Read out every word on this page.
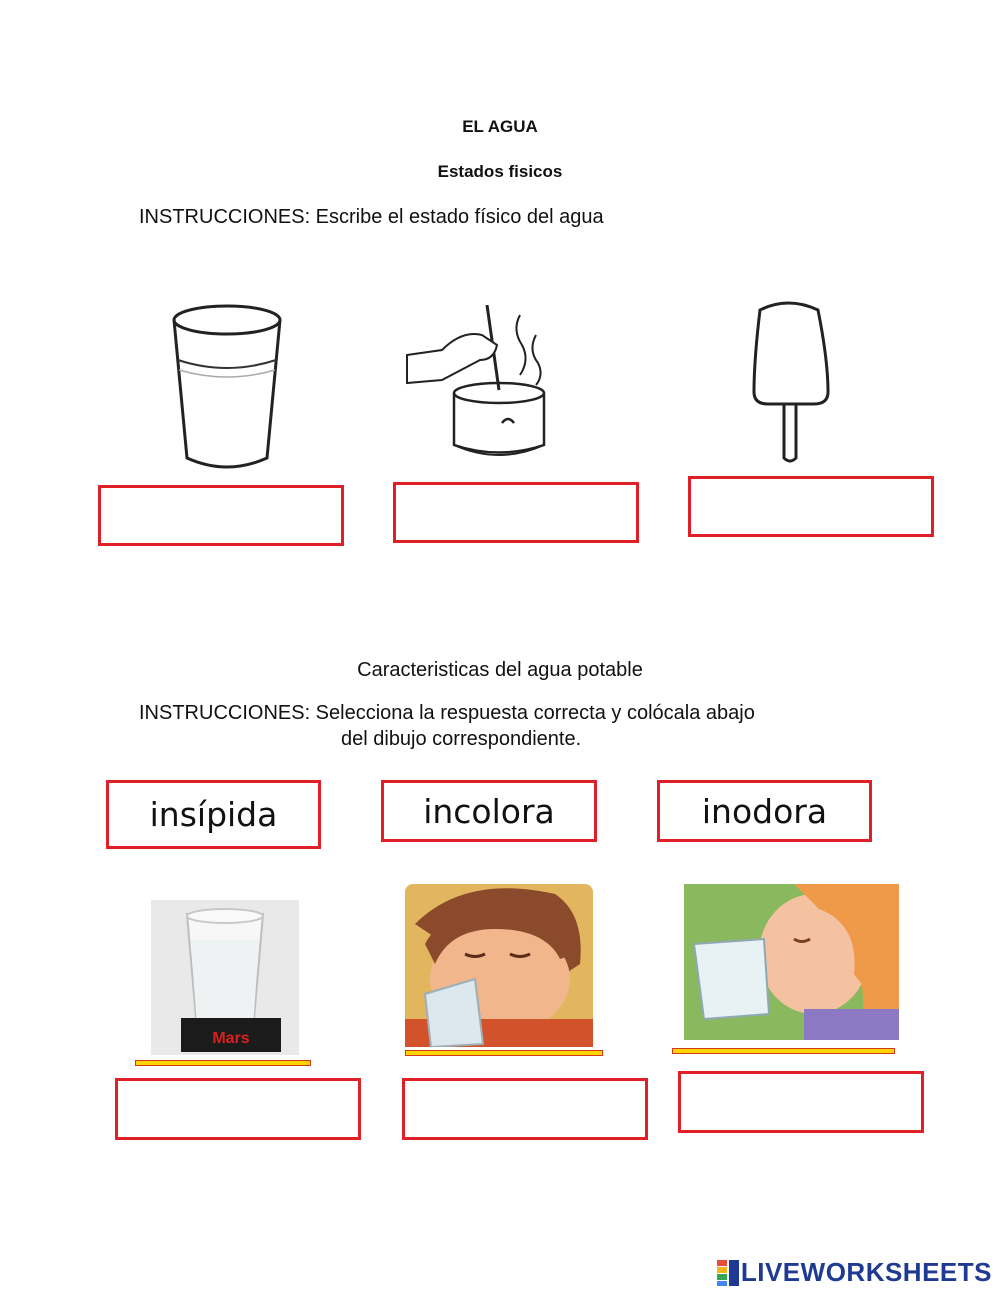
EL AGUA
Estados fisicos
INSTRUCCIONES: Escribe el estado físico del agua
Caracteristicas del agua potable
INSTRUCCIONES: Selecciona la respuesta correcta y colócala abajo
del dibujo correspondiente.
insípida	incolora	inodora
Mars
LIVEWORKSHEETS
